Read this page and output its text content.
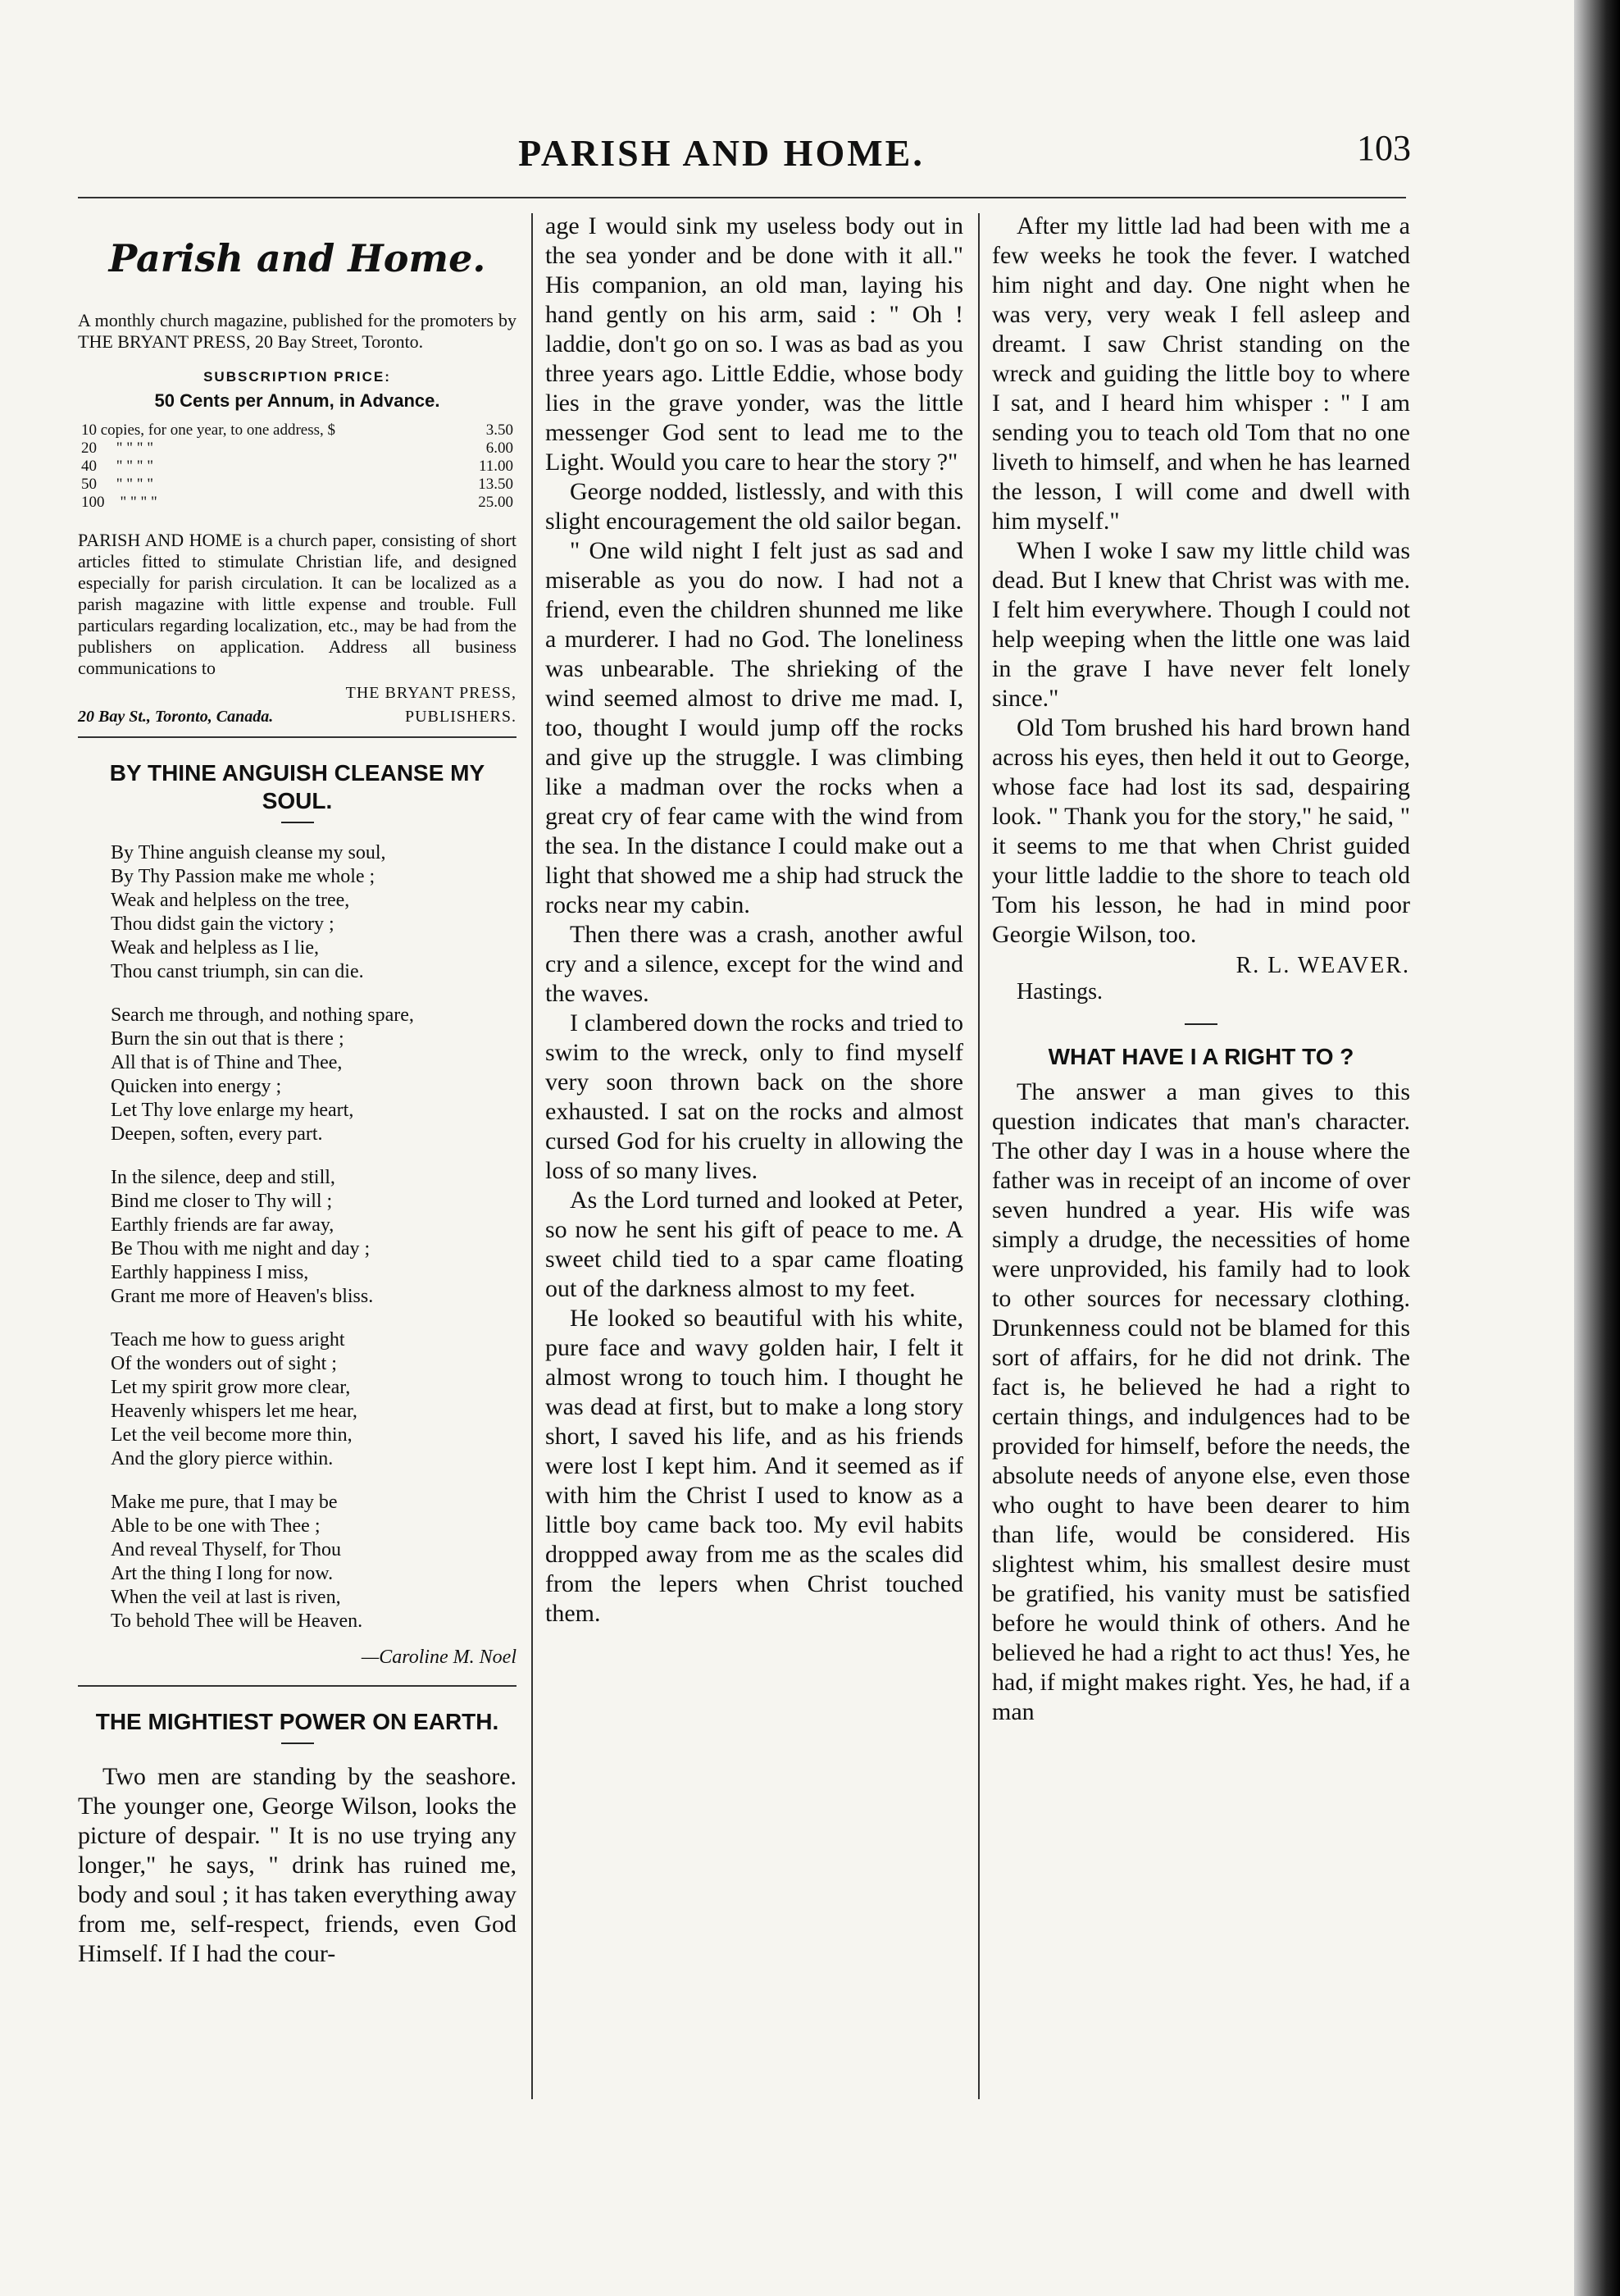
PARISH AND HOME.	103
Parish and Home.

A monthly church magazine, published for the promoters by THE BRYANT PRESS, 20 Bay Street, Toronto.

SUBSCRIPTION PRICE:
50 Cents per Annum, in Advance.
10 copies, for one year, to one address, $	3.50
20 " " " "	6.00
40 " " " "	11.00
50 " " " "	13.50
100 " " " "	25.00

PARISH AND HOME is a church paper, consisting of short articles fitted to stimulate Christian life, and designed especially for parish circulation. It can be localized as a parish magazine with little expense and trouble. Full particulars regarding localization, etc., may be had from the publishers on application. Address all business communications to

THE BRYANT PRESS,
20 Bay St., Toronto, Canada.	PUBLISHERS.
BY THINE ANGUISH CLEANSE MY SOUL.
By Thine anguish cleanse my soul,
By Thy Passion make me whole ;
Weak and helpless on the tree,
Thou didst gain the victory ;
Weak and helpless as I lie,
Thou canst triumph, sin can die.
Search me through, and nothing spare,
Burn the sin out that is there ;
All that is of Thine and Thee,
Quicken into energy ;
Let Thy love enlarge my heart,
Deepen, soften, every part.
In the silence, deep and still,
Bind me closer to Thy will ;
Earthly friends are far away,
Be Thou with me night and day ;
Earthly happiness I miss,
Grant me more of Heaven's bliss.
Teach me how to guess aright
Of the wonders out of sight ;
Let my spirit grow more clear,
Heavenly whispers let me hear,
Let the veil become more thin,
And the glory pierce within.
Make me pure, that I may be
Able to be one with Thee ;
And reveal Thyself, for Thou
Art the thing I long for now.
When the veil at last is riven,
To behold Thee will be Heaven.
—Caroline M. Noel
THE MIGHTIEST POWER ON EARTH.

Two men are standing by the seashore. The younger one, George Wilson, looks the picture of despair. " It is no use trying any longer," he says, " drink has ruined me, body and soul ; it has taken everything away from me, self-respect, friends, even God Himself. If I had the cour-

age I would sink my useless body out in the sea yonder and be done with it all." His companion, an old man, laying his hand gently on his arm, said : " Oh ! laddie, don't go on so. I was as bad as you three years ago. Little Eddie, whose body lies in the grave yonder, was the little messenger God sent to lead me to the Light. Would you care to hear the story ?"

George nodded, listlessly, and with this slight encouragement the old sailor began.

" One wild night I felt just as sad and miserable as you do now. I had not a friend, even the children shunned me like a murderer. I had no God. The loneliness was unbearable. The shrieking of the wind seemed almost to drive me mad. I, too, thought I would jump off the rocks and give up the struggle. I was climbing like a madman over the rocks when a great cry of fear came with the wind from the sea. In the distance I could make out a light that showed me a ship had struck the rocks near my cabin.

Then there was a crash, another awful cry and a silence, except for the wind and the waves.

I clambered down the rocks and tried to swim to the wreck, only to find myself very soon thrown back on the shore exhausted. I sat on the rocks and almost cursed God for his cruelty in allowing the loss of so many lives.

As the Lord turned and looked at Peter, so now he sent his gift of peace to me. A sweet child tied to a spar came floating out of the darkness almost to my feet.

He looked so beautiful with his white, pure face and wavy golden hair, I felt it almost wrong to touch him. I thought he was dead at first, but to make a long story short, I saved his life, and as his friends were lost I kept him. And it seemed as if with him the Christ I used to know as a little boy came back too. My evil habits droppped away from me as the scales did from the lepers when Christ touched them.

After my little lad had been with me a few weeks he took the fever. I watched him night and day. One night when he was very, very weak I fell asleep and dreamt. I saw Christ standing on the wreck and guiding the little boy to where I sat, and I heard him whisper : " I am sending you to teach old Tom that no one liveth to himself, and when he has learned the lesson, I will come and dwell with him myself."

When I woke I saw my little child was dead. But I knew that Christ was with me. I felt him everywhere. Though I could not help weeping when the little one was laid in the grave I have never felt lonely since."

Old Tom brushed his hard brown hand across his eyes, then held it out to George, whose face had lost its sad, despairing look. " Thank you for the story," he said, " it seems to me that when Christ guided your little laddie to the shore to teach old Tom his lesson, he had in mind poor Georgie Wilson, too.

R. L. WEAVER.
Hastings.
WHAT HAVE I A RIGHT TO ?

The answer a man gives to this question indicates that man's character. The other day I was in a house where the father was in receipt of an income of over seven hundred a year. His wife was simply a drudge, the necessities of home were unprovided, his family had to look to other sources for necessary clothing. Drunkenness could not be blamed for this sort of affairs, for he did not drink. The fact is, he believed he had a right to certain things, and indulgences had to be provided for himself, before the needs, the absolute needs of anyone else, even those who ought to have been dearer to him than life, would be considered. His slightest whim, his smallest desire must be gratified, his vanity must be satisfied before he would think of others. And he believed he had a right to act thus! Yes, he had, if might makes right. Yes, he had, if a man
